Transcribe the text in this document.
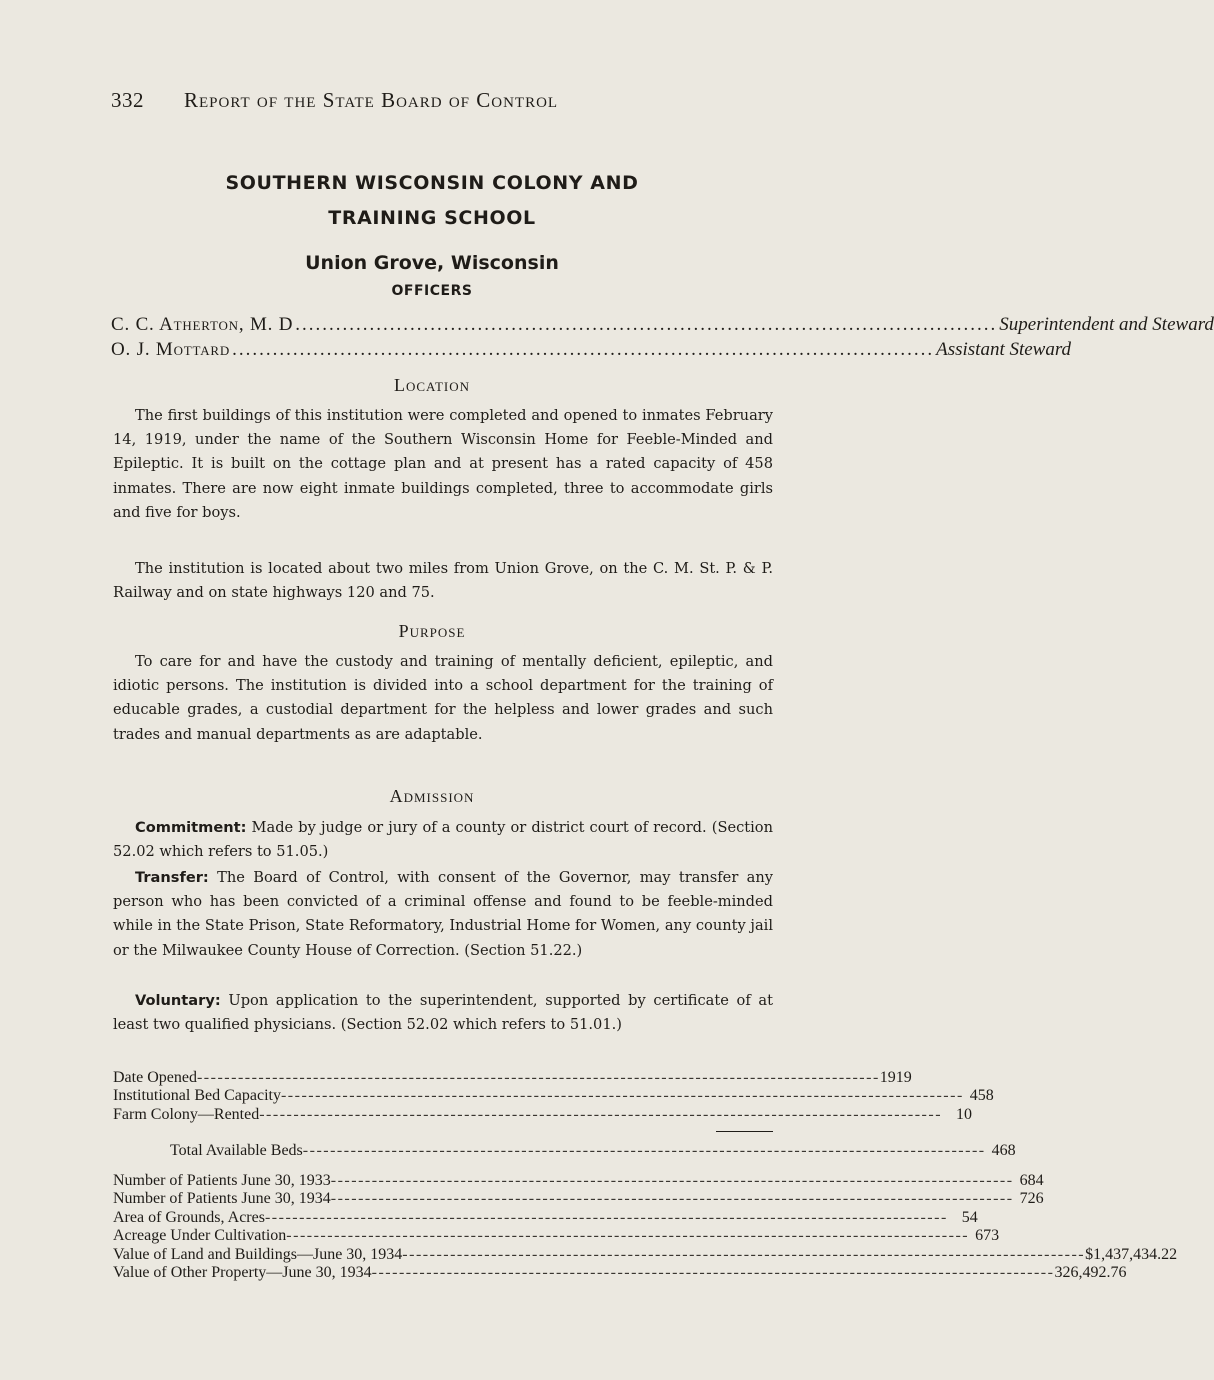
332 Report of the State Board of Control
SOUTHERN WISCONSIN COLONY AND
TRAINING SCHOOL
Union Grove, Wisconsin
OFFICERS
C. C. Atherton, M. D ........................................................................................................ Superintendent and Steward
O. J. Mottard ........................................................................................................ Assistant Steward
Location

The first buildings of this institution were completed and opened to inmates February 14, 1919, under the name of the Southern Wisconsin Home for Feeble-Minded and Epileptic. It is built on the cottage plan and at present has a rated capacity of 458 inmates. There are now eight inmate buildings completed, three to accommodate girls and five for boys.

The institution is located about two miles from Union Grove, on the C. M. St. P. & P. Railway and on state highways 120 and 75.

Purpose

To care for and have the custody and training of mentally deficient, epileptic, and idiotic persons. The institution is divided into a school department for the training of educable grades, a custodial department for the helpless and lower grades and such trades and manual departments as are adaptable.

Admission

Commitment: Made by judge or jury of a county or district court of record. (Section 52.02 which refers to 51.05.)

Transfer: The Board of Control, with consent of the Governor, may transfer any person who has been convicted of a criminal offense and found to be feeble-minded while in the State Prison, State Reformatory, Industrial Home for Women, any county jail or the Milwaukee County House of Correction. (Section 51.22.)

Voluntary: Upon application to the superintendent, supported by certificate of at least two qualified physicians. (Section 52.02 which refers to 51.01.)

Date Opened ---------------------------------------------------------------------------------------------------- 1919
Institutional Bed Capacity ---------------------------------------------------------------------------------------------------- 458
Farm Colony—Rented ---------------------------------------------------------------------------------------------------- 10
Total Available Beds ---------------------------------------------------------------------------------------------------- 468
Number of Patients June 30, 1933 ---------------------------------------------------------------------------------------------------- 684
Number of Patients June 30, 1934 ---------------------------------------------------------------------------------------------------- 726
Area of Grounds, Acres ---------------------------------------------------------------------------------------------------- 54
Acreage Under Cultivation ---------------------------------------------------------------------------------------------------- 673
Value of Land and Buildings—June 30, 1934 ---------------------------------------------------------------------------------------------------- $1,437,434.22
Value of Other Property—June 30, 1934 ---------------------------------------------------------------------------------------------------- 326,492.76
